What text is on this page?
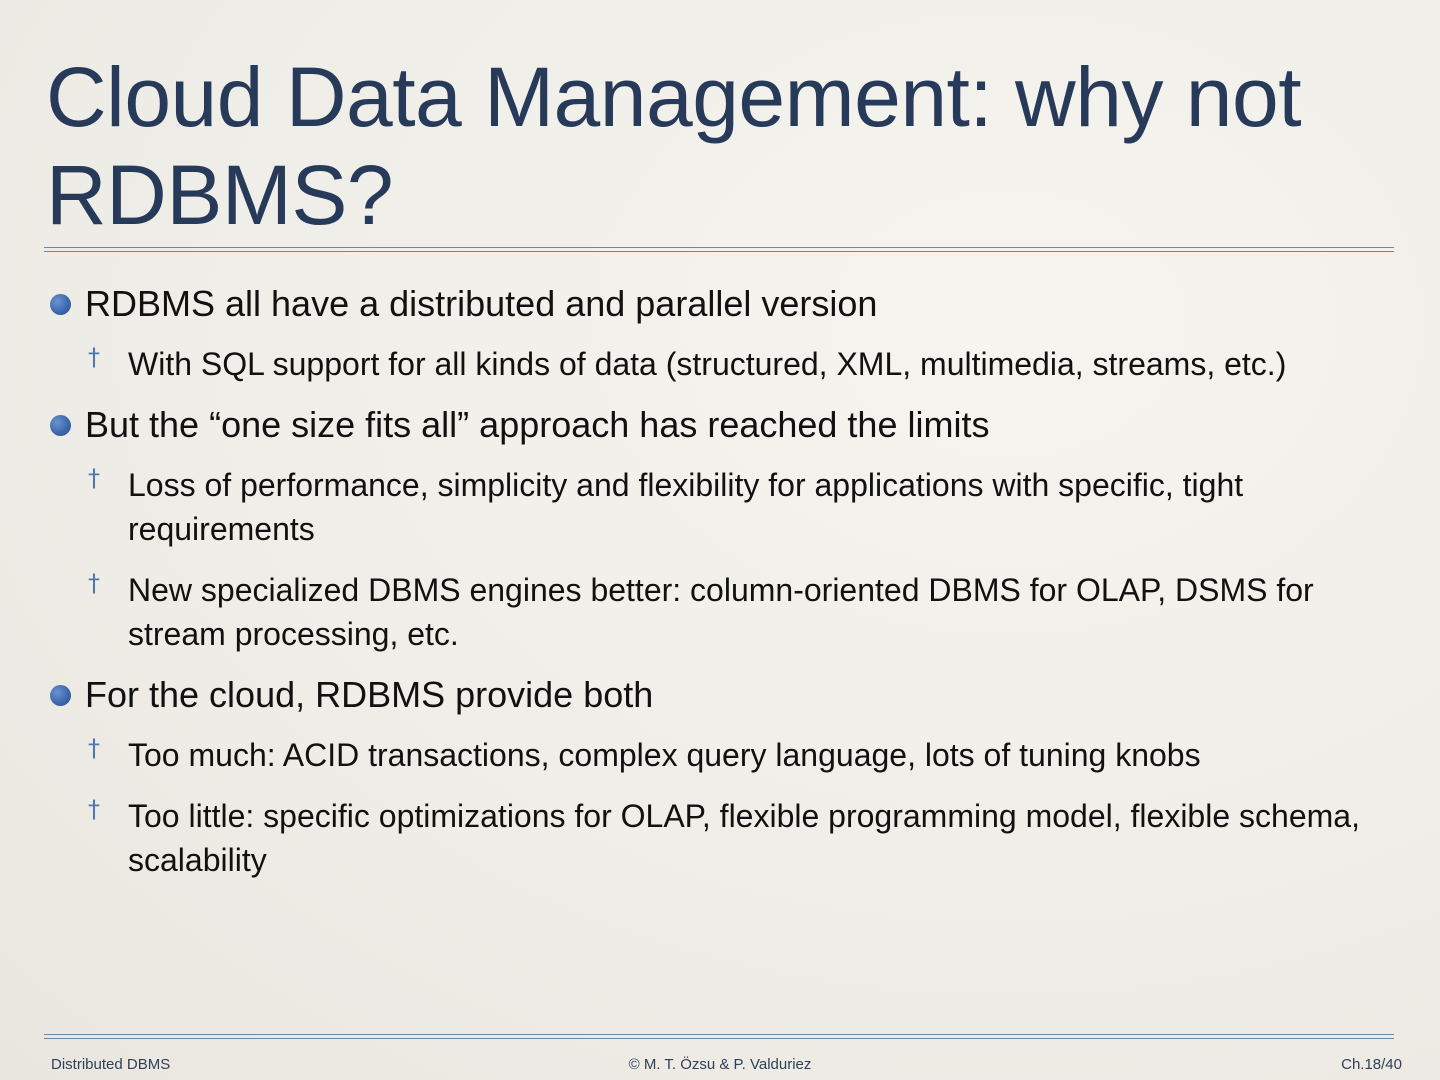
Cloud Data Management: why not
RDBMS?
RDBMS all have a distributed and parallel version
† With SQL support for all kinds of data (structured, XML, multimedia, streams, etc.)
But the “one size fits all” approach has reached the limits
† Loss of performance, simplicity and flexibility for applications with specific, tight requirements
† New specialized DBMS engines better: column-oriented DBMS for OLAP, DSMS for stream processing, etc.
For the cloud, RDBMS provide both
† Too much: ACID transactions, complex query language, lots of tuning knobs
† Too little: specific optimizations for OLAP, flexible programming model, flexible schema, scalability
Distributed DBMS	© M. T. Özsu & P. Valduriez	Ch.18/40
